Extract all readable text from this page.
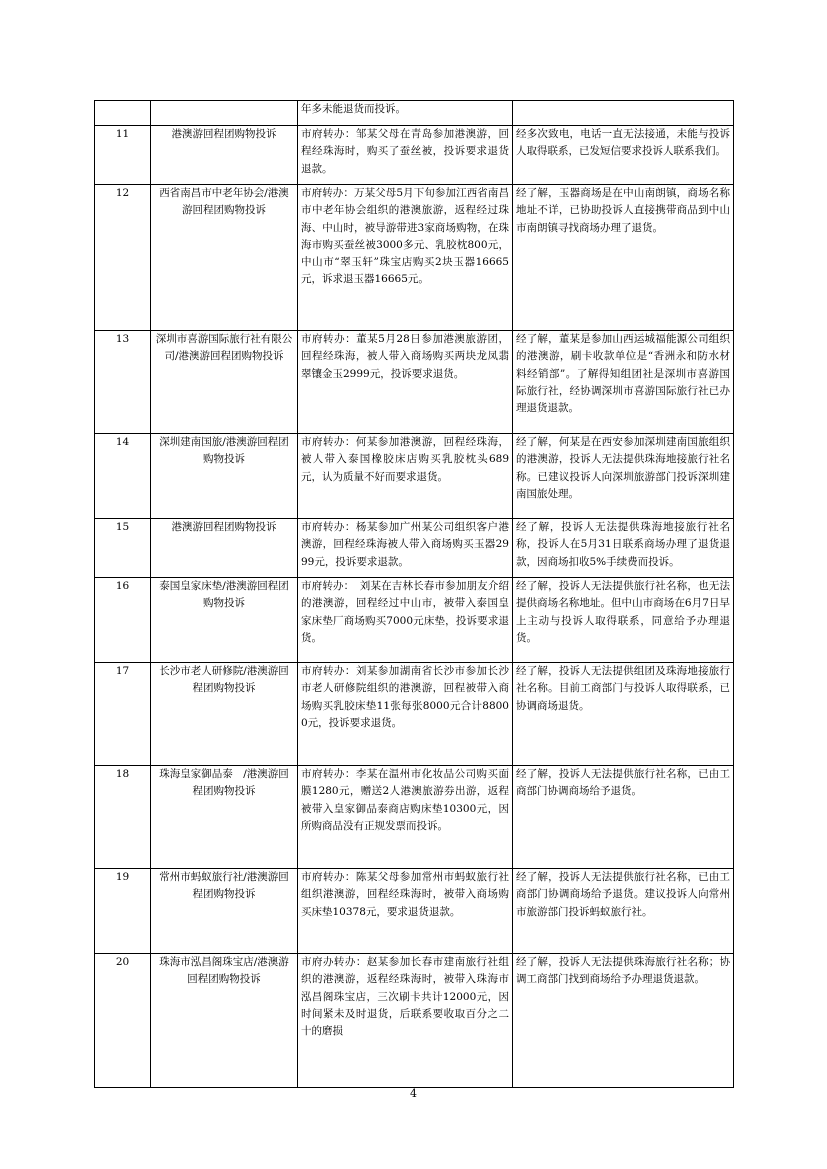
		年多未能退货而投诉。	
11	港澳游回程团购物投诉	市府转办：邹某父母在青岛参加港澳游，回程经珠海时，购买了蚕丝被，投诉要求退货退款。	经多次致电，电话一直无法接通，未能与投诉人取得联系，已发短信要求投诉人联系我们。
12	西省南昌市中老年协会/港澳游回程团购物投诉	市府转办：万某父母5月下旬参加江西省南昌市中老年协会组织的港澳旅游，返程经过珠海、中山时，被导游带进3家商场购物，在珠海市购买蚕丝被3000多元、乳胶枕800元，中山市“翠玉轩”珠宝店购买2块玉器16665元，诉求退玉器16665元。	经了解，玉器商场是在中山南朗镇，商场名称地址不详，已协助投诉人直接携带商品到中山市南朗镇寻找商场办理了退货。
13	深圳市喜游国际旅行社有限公司/港澳游回程团购物投诉	市府转办：董某5月28日参加港澳旅游团，回程经珠海，被人带入商场购买两块龙凤翡翠镶金玉2999元，投诉要求退货。	经了解，董某是参加山西运城福能源公司组织的港澳游，刷卡收款单位是“香洲永和防水材料经销部”。了解得知组团社是深圳市喜游国际旅行社，经协调深圳市喜游国际旅行社已办理退货退款。
14	深圳建南国旅/港澳游回程团购物投诉	市府转办：何某参加港澳游，回程经珠海，被人带入泰国橡胶床店购买乳胶枕头689元，认为质量不好而要求退货。	经了解，何某是在西安参加深圳建南国旅组织的港澳游，投诉人无法提供珠海地接旅行社名称。已建议投诉人向深圳旅游部门投诉深圳建南国旅处理。
15	港澳游回程团购物投诉	市府转办：杨某参加广州某公司组织客户港澳游，回程经珠海被人带入商场购买玉器2999元，投诉要求退款。	经了解，投诉人无法提供珠海地接旅行社名称，投诉人在5月31日联系商场办理了退货退款，因商场扣收5%手续费而投诉。
16	泰国皇家床垫/港澳游回程团购物投诉	市府转办：　刘某在吉林长春市参加朋友介绍的港澳游，回程经过中山市，被带入泰国皇家床垫厂商场购买7000元床垫，投诉要求退货。	经了解，投诉人无法提供旅行社名称，也无法提供商场名称地址。但中山市商场在6月7日早上主动与投诉人取得联系，同意给予办理退货。
17	长沙市老人研修院/港澳游回程团购物投诉	市府转办：刘某参加湖南省长沙市参加长沙市老人研修院组织的港澳游，回程被带入商场购买乳胶床垫11张每张8000元合计88000元，投诉要求退货。	经了解，投诉人无法提供组团及珠海地接旅行社名称。目前工商部门与投诉人取得联系，已协调商场退货。
18	珠海皇家御品泰　/港澳游回程团购物投诉	市府转办：李某在温州市化妆品公司购买面膜1280元，赠送2人港澳旅游券出游，返程被带入皇家御品泰商店购床垫10300元，因所购商品没有正规发票而投诉。	经了解，投诉人无法提供旅行社名称，已由工商部门协调商场给予退货。
19	常州市蚂蚁旅行社/港澳游回程团购物投诉	市府转办：陈某父母参加常州市蚂蚁旅行社组织港澳游，回程经珠海时，被带入商场购买床垫10378元，要求退货退款。	经了解，投诉人无法提供旅行社名称，已由工商部门协调商场给予退货。建议投诉人向常州市旅游部门投诉蚂蚁旅行社。
20	珠海市泓昌阁珠宝店/港澳游回程团购物投诉	市府办转办：赵某参加长春市建南旅行社组织的港澳游，返程经珠海时，被带入珠海市泓昌阁珠宝店，三次刷卡共计12000元，因时间紧未及时退货，后联系要收取百分之二十的磨损	经了解，投诉人无法提供珠海旅行社名称；协调工商部门找到商场给予办理退货退款。
4
